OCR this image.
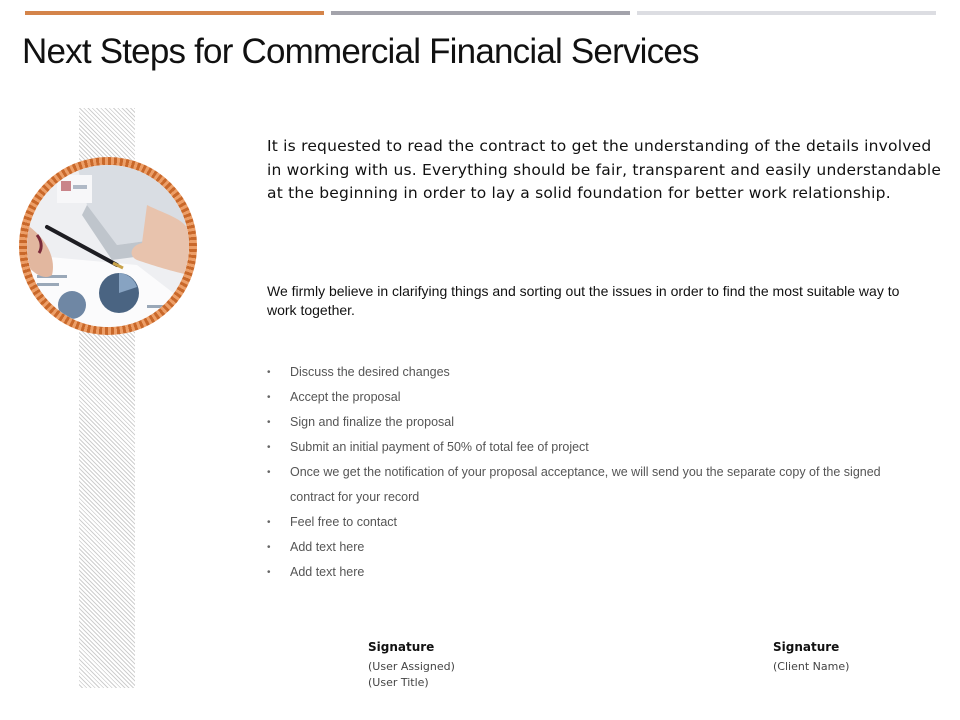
Next Steps for Commercial Financial Services
It is requested to read the contract to get the understanding of the details involved in working with us. Everything should be fair, transparent and easily understandable at the beginning in order to lay a solid foundation for better work relationship.
We firmly believe in clarifying things and sorting out the issues in order to find the most suitable way to work together.
• Discuss the desired changes
• Accept the proposal
• Sign and finalize the proposal
• Submit an initial payment of 50% of total fee of project
• Once we get the notification of your proposal acceptance, we will send you the separate copy of the signed contract for your record
• Feel free to contact
• Add text here
• Add text here
Signature
(User Assigned)
(User Title)
Signature
(Client Name)
